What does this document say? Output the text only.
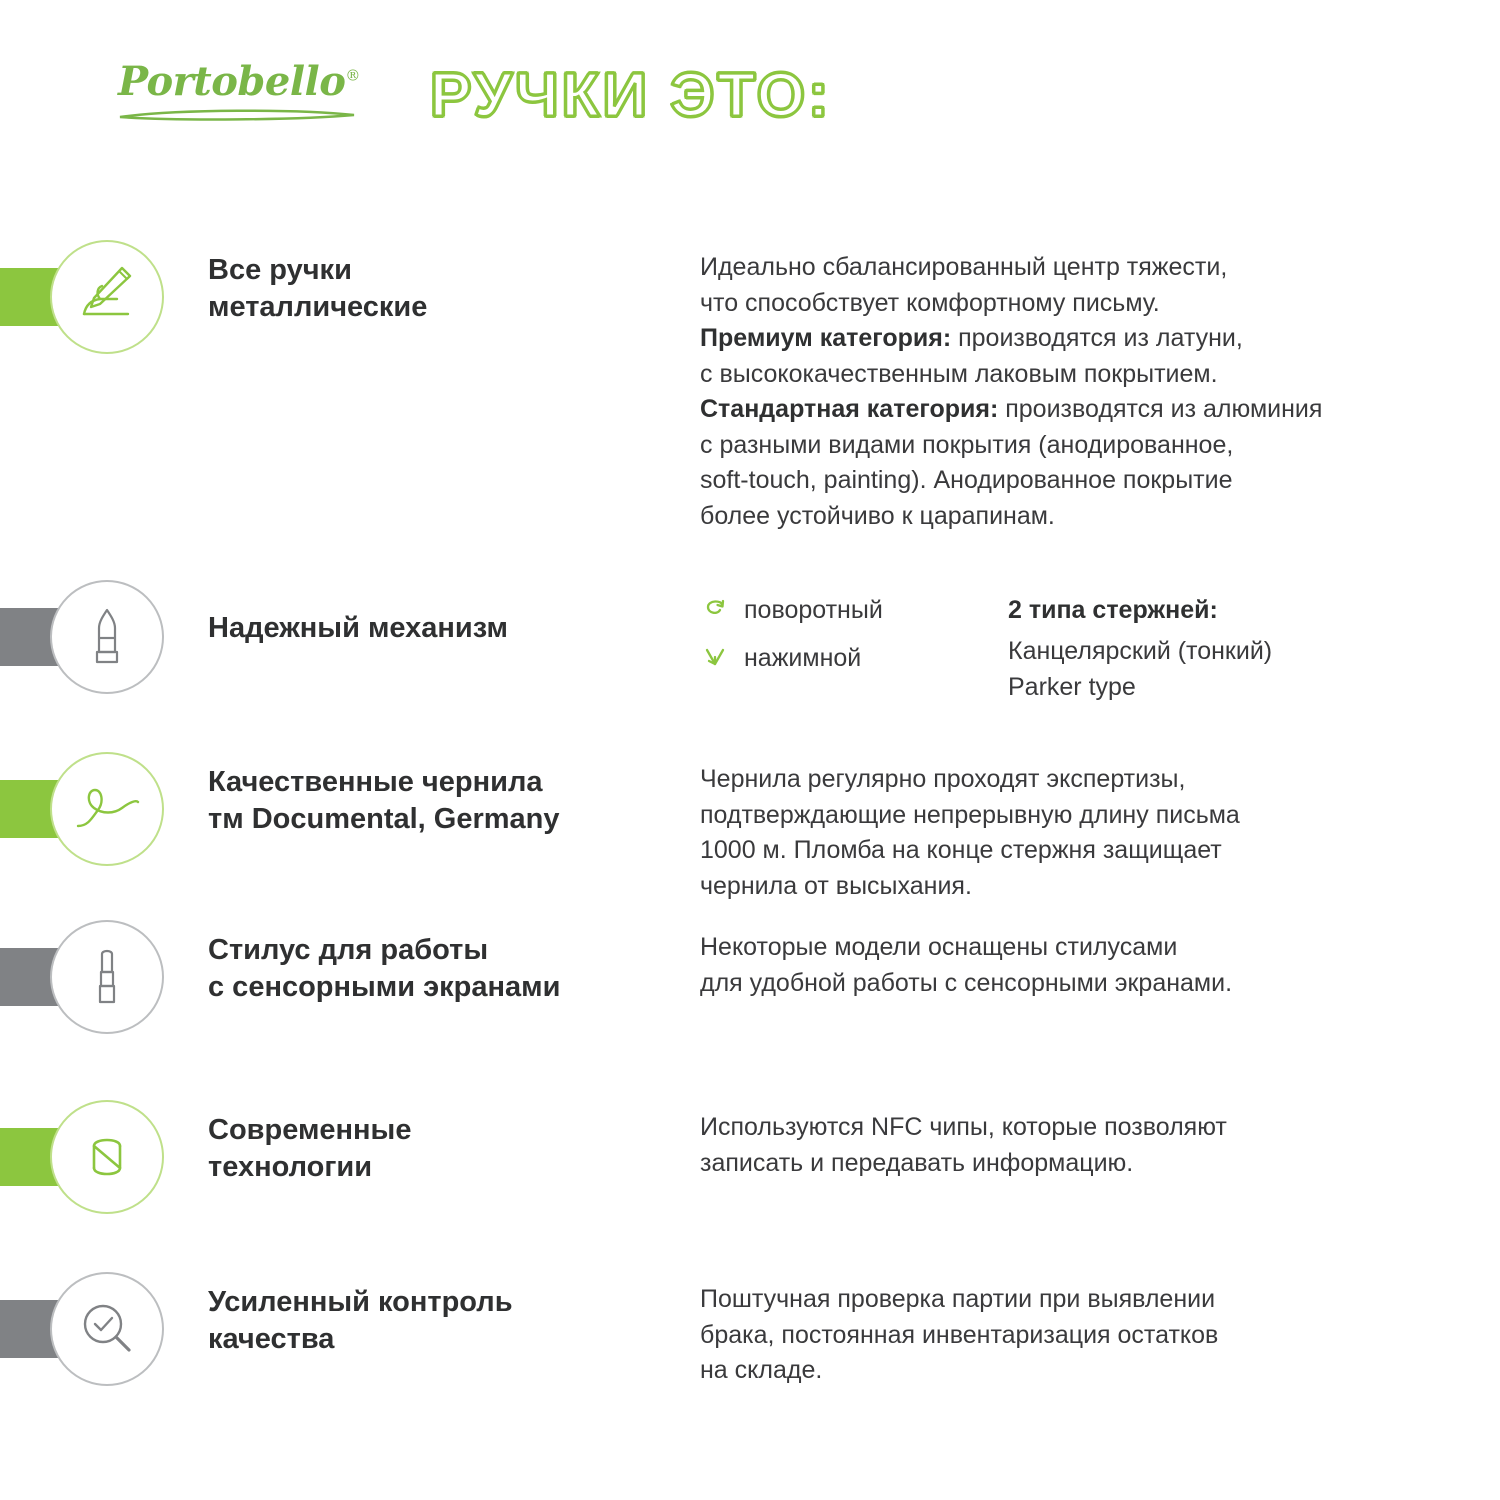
Portobello® РУЧКИ ЭТО:
Все ручки
металлические
Идеально сбалансированный центр тяжести,
что способствует комфортному письму.
Премиум категория: производятся из латуни,
с высококачественным лаковым покрытием.
Стандартная категория: производятся из алюминия
с разными видами покрытия (анодированное,
soft-touch, painting). Анодированное покрытие
более устойчиво к царапинам.
Надежный механизм
поворотный
нажимной
2 типа стержней:
Канцелярский (тонкий)
Parker type
Качественные чернила
тм Documental, Germany
Чернила регулярно проходят экспертизы,
подтверждающие непрерывную длину письма
1000 м. Пломба на конце стержня защищает
чернила от высыхания.
Стилус для работы
с сенсорными экранами
Некоторые модели оснащены стилусами
для удобной работы с сенсорными экранами.
Современные
технологии
Используются NFC чипы, которые позволяют
записать и передавать информацию.
Усиленный контроль
качества
Поштучная проверка партии при выявлении
брака, постоянная инвентаризация остатков
на складе.
